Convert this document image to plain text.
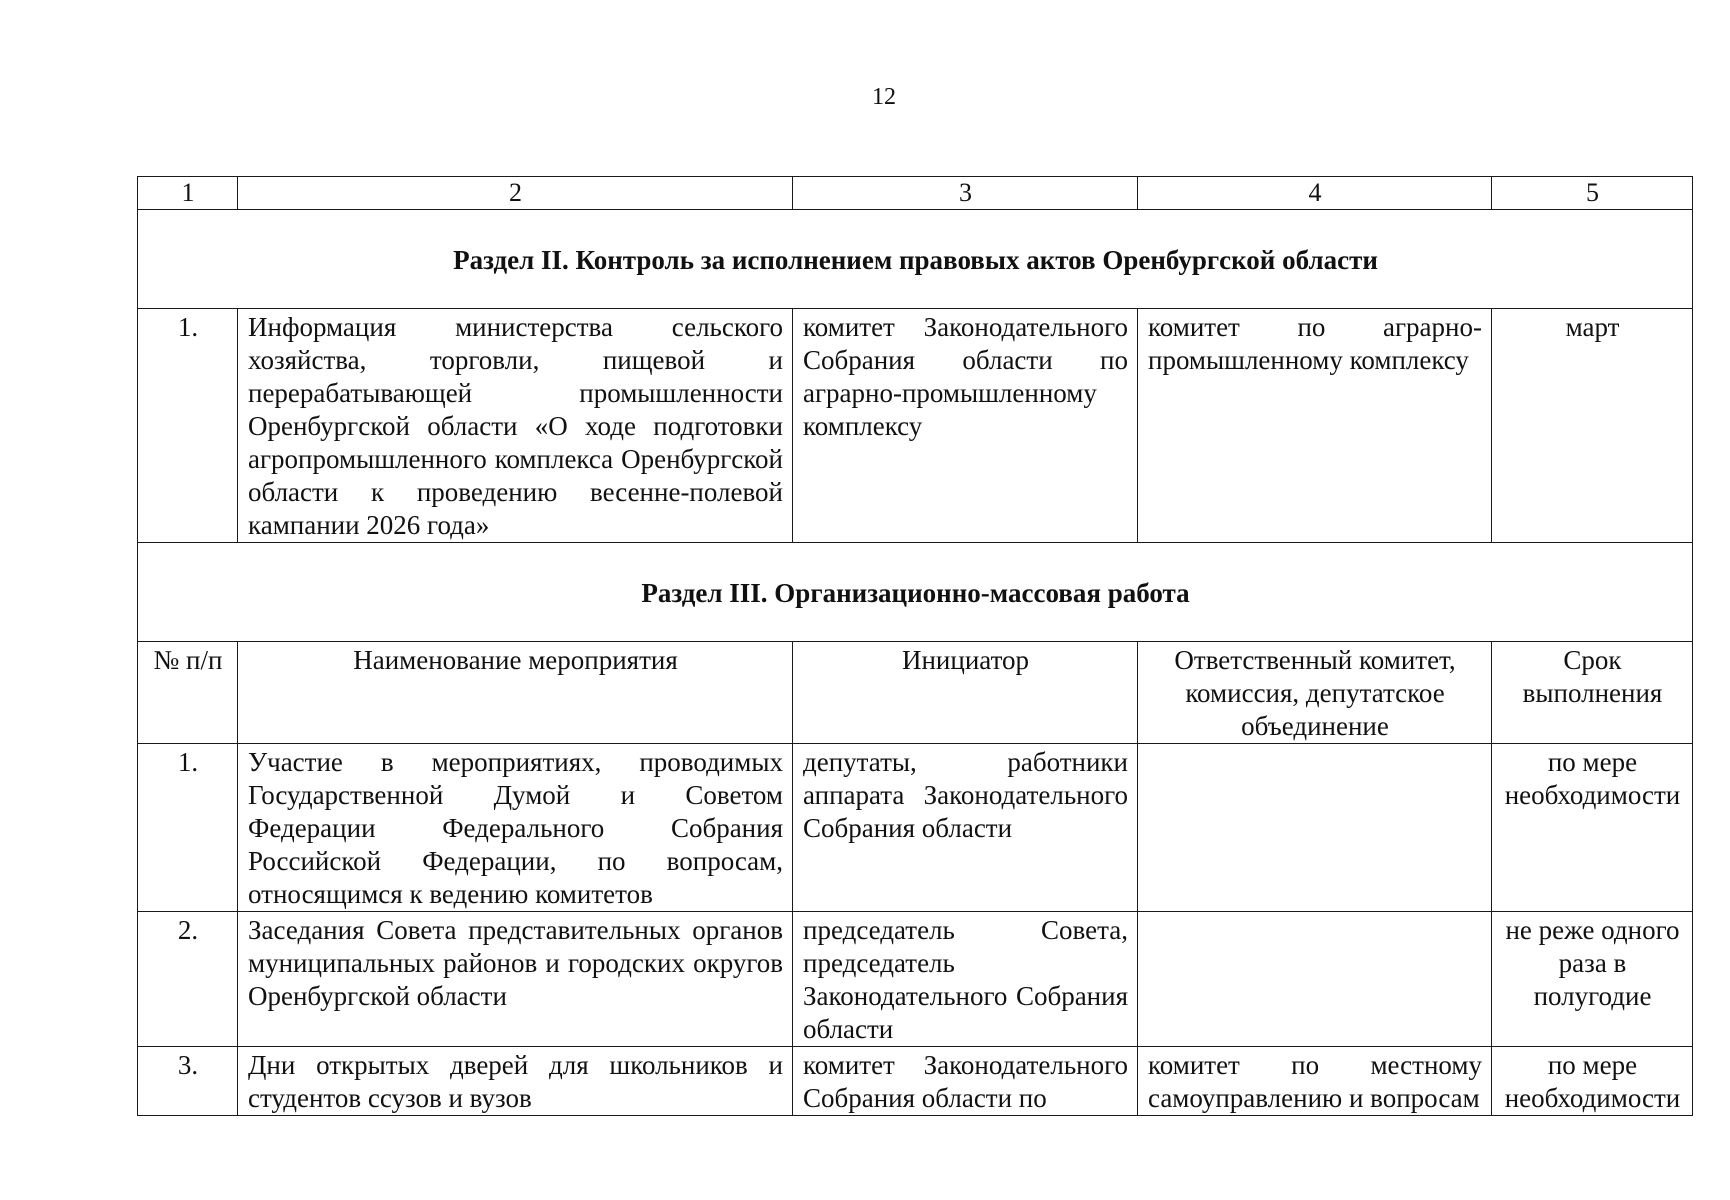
12
1	2	3	4	5
Раздел II. Контроль за исполнением правовых актов Оренбургской области				
1.	Информация министерства сельского хозяйства, торговли, пищевой и перерабатывающей промышленности Оренбургской области «О ходе подготовки агропромышленного комплекса Оренбургской области к проведению весенне-полевой кампании 2026 года»	комитет Законодательного Собрания области по аграрно-промышленному комплексу	комитет по аграрно-промышленному комплексу	март
Раздел III. Организационно-массовая работа				
№ п/п	Наименование мероприятия	Инициатор	Ответственный комитет, комиссия, депутатское объединение	Срок выполнения
1.	Участие в мероприятиях, проводимых Государственной Думой и Советом Федерации Федерального Собрания Российской Федерации, по вопросам, относящимся к ведению комитетов	депутаты, работники аппарата Законодательного Собрания области		по мере необходимости
2.	Заседания Совета представительных органов муниципальных районов и городских округов Оренбургской области	председатель Совета, председатель Законодательного Собрания области		не реже одного раза в полугодие
3.	Дни открытых дверей для школьников и студентов ссузов и вузов	комитет Законодательного Собрания области по	комитет по местному самоуправлению и вопросам	по мере необходимости
